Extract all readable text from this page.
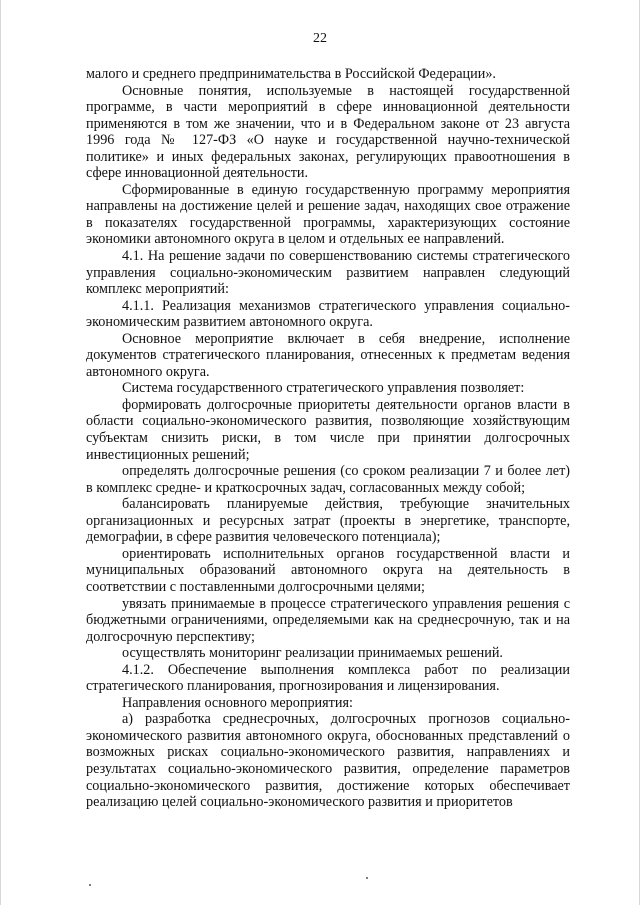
22

малого и среднего предпринимательства в Российской Федерации».

Основные понятия, используемые в настоящей государственной программе, в части мероприятий в сфере инновационной деятельности применяются в том же значении, что и в Федеральном законе от 23 августа 1996 года № 127-ФЗ «О науке и государственной научно-технической политике» и иных федеральных законах, регулирующих правоотношения в сфере инновационной деятельности.

Сформированные в единую государственную программу мероприятия направлены на достижение целей и решение задач, находящих свое отражение в показателях государственной программы, характеризующих состояние экономики автономного округа в целом и отдельных ее направлений.

4.1. На решение задачи по совершенствованию системы стратегического управления социально-экономическим развитием направлен следующий комплекс мероприятий:

4.1.1. Реализация механизмов стратегического управления социально-экономическим развитием автономного округа.

Основное мероприятие включает в себя внедрение, исполнение документов стратегического планирования, отнесенных к предметам ведения автономного округа.

Система государственного стратегического управления позволяет:

формировать долгосрочные приоритеты деятельности органов власти в области социально-экономического развития, позволяющие хозяйствующим субъектам снизить риски, в том числе при принятии долгосрочных инвестиционных решений;

определять долгосрочные решения (со сроком реализации 7 и более лет) в комплекс средне- и краткосрочных задач, согласованных между собой;

балансировать планируемые действия, требующие значительных организационных и ресурсных затрат (проекты в энергетике, транспорте, демографии, в сфере развития человеческого потенциала);

ориентировать исполнительных органов государственной власти и муниципальных образований автономного округа на деятельность в соответствии с поставленными долгосрочными целями;

увязать принимаемые в процессе стратегического управления решения с бюджетными ограничениями, определяемыми как на среднесрочную, так и на долгосрочную перспективу;

осуществлять мониторинг реализации принимаемых решений.

4.1.2. Обеспечение выполнения комплекса работ по реализации стратегического планирования, прогнозирования и лицензирования.

Направления основного мероприятия:

а) разработка среднесрочных, долгосрочных прогнозов социально-экономического развития автономного округа, обоснованных представлений о возможных рисках социально-экономического развития, направлениях и результатах социально-экономического развития, определение параметров социально-экономического развития, достижение которых обеспечивает реализацию целей социально-экономического развития и приоритетов
